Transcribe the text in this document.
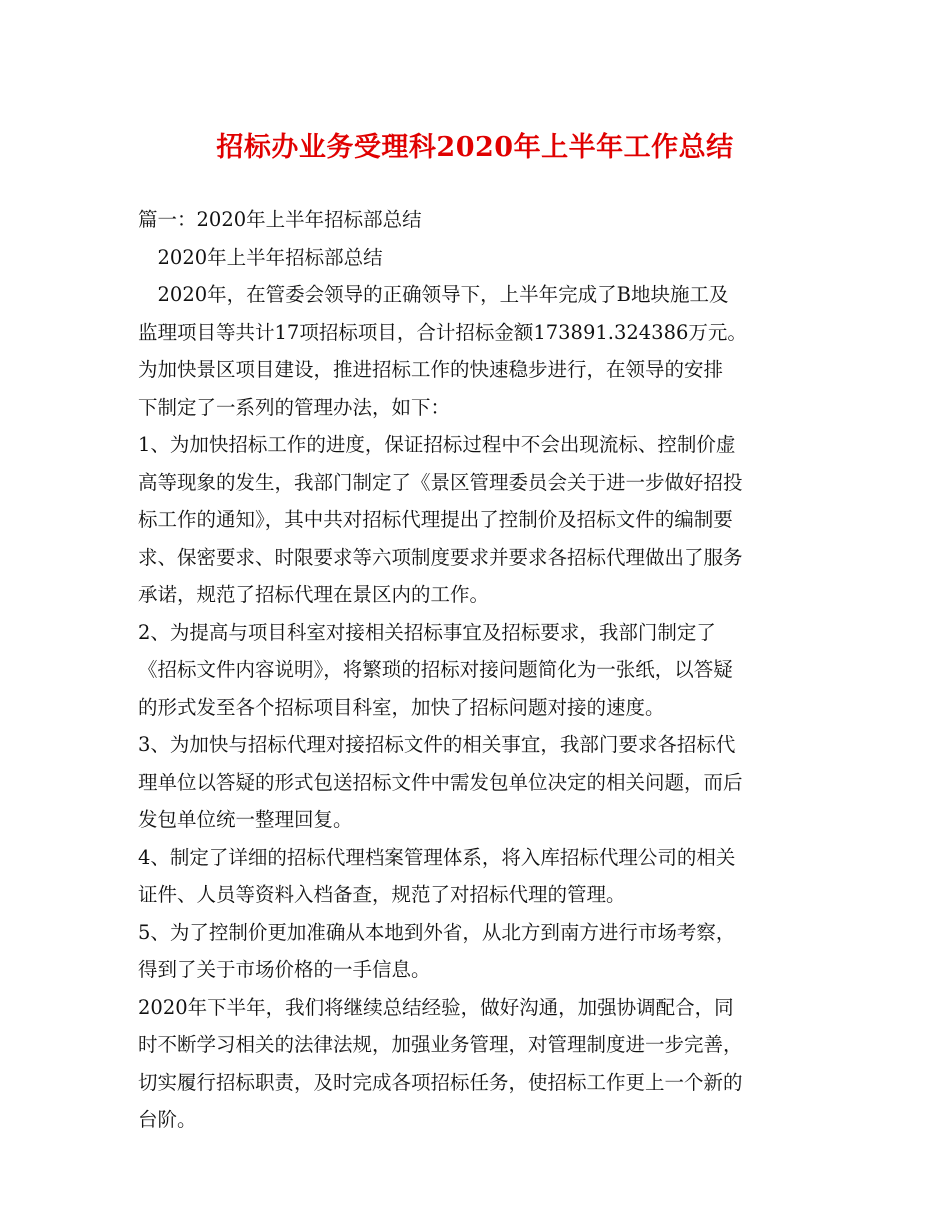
招标办业务受理科2020年上半年工作总结
篇一：2020年上半年招标部总结
　2020年上半年招标部总结
　2020年，在管委会领导的正确领导下，上半年完成了B地块施工及
监理项目等共计17项招标项目，合计招标金额173891.324386万元。
为加快景区项目建设，推进招标工作的快速稳步进行，在领导的安排
下制定了一系列的管理办法，如下：
1、为加快招标工作的进度，保证招标过程中不会出现流标、控制价虚
高等现象的发生，我部门制定了《景区管理委员会关于进一步做好招投
标工作的通知》，其中共对招标代理提出了控制价及招标文件的编制要
求、保密要求、时限要求等六项制度要求并要求各招标代理做出了服务
承诺，规范了招标代理在景区内的工作。
2、为提高与项目科室对接相关招标事宜及招标要求，我部门制定了
《招标文件内容说明》，将繁琐的招标对接问题简化为一张纸，以答疑
的形式发至各个招标项目科室，加快了招标问题对接的速度。
3、为加快与招标代理对接招标文件的相关事宜，我部门要求各招标代
理单位以答疑的形式包送招标文件中需发包单位决定的相关问题，而后
发包单位统一整理回复。
4、制定了详细的招标代理档案管理体系，将入库招标代理公司的相关
证件、人员等资料入档备查，规范了对招标代理的管理。
5、为了控制价更加准确从本地到外省，从北方到南方进行市场考察，
得到了关于市场价格的一手信息。
2020年下半年，我们将继续总结经验，做好沟通，加强协调配合，同
时不断学习相关的法律法规，加强业务管理，对管理制度进一步完善，
切实履行招标职责，及时完成各项招标任务，使招标工作更上一个新的
台阶。
